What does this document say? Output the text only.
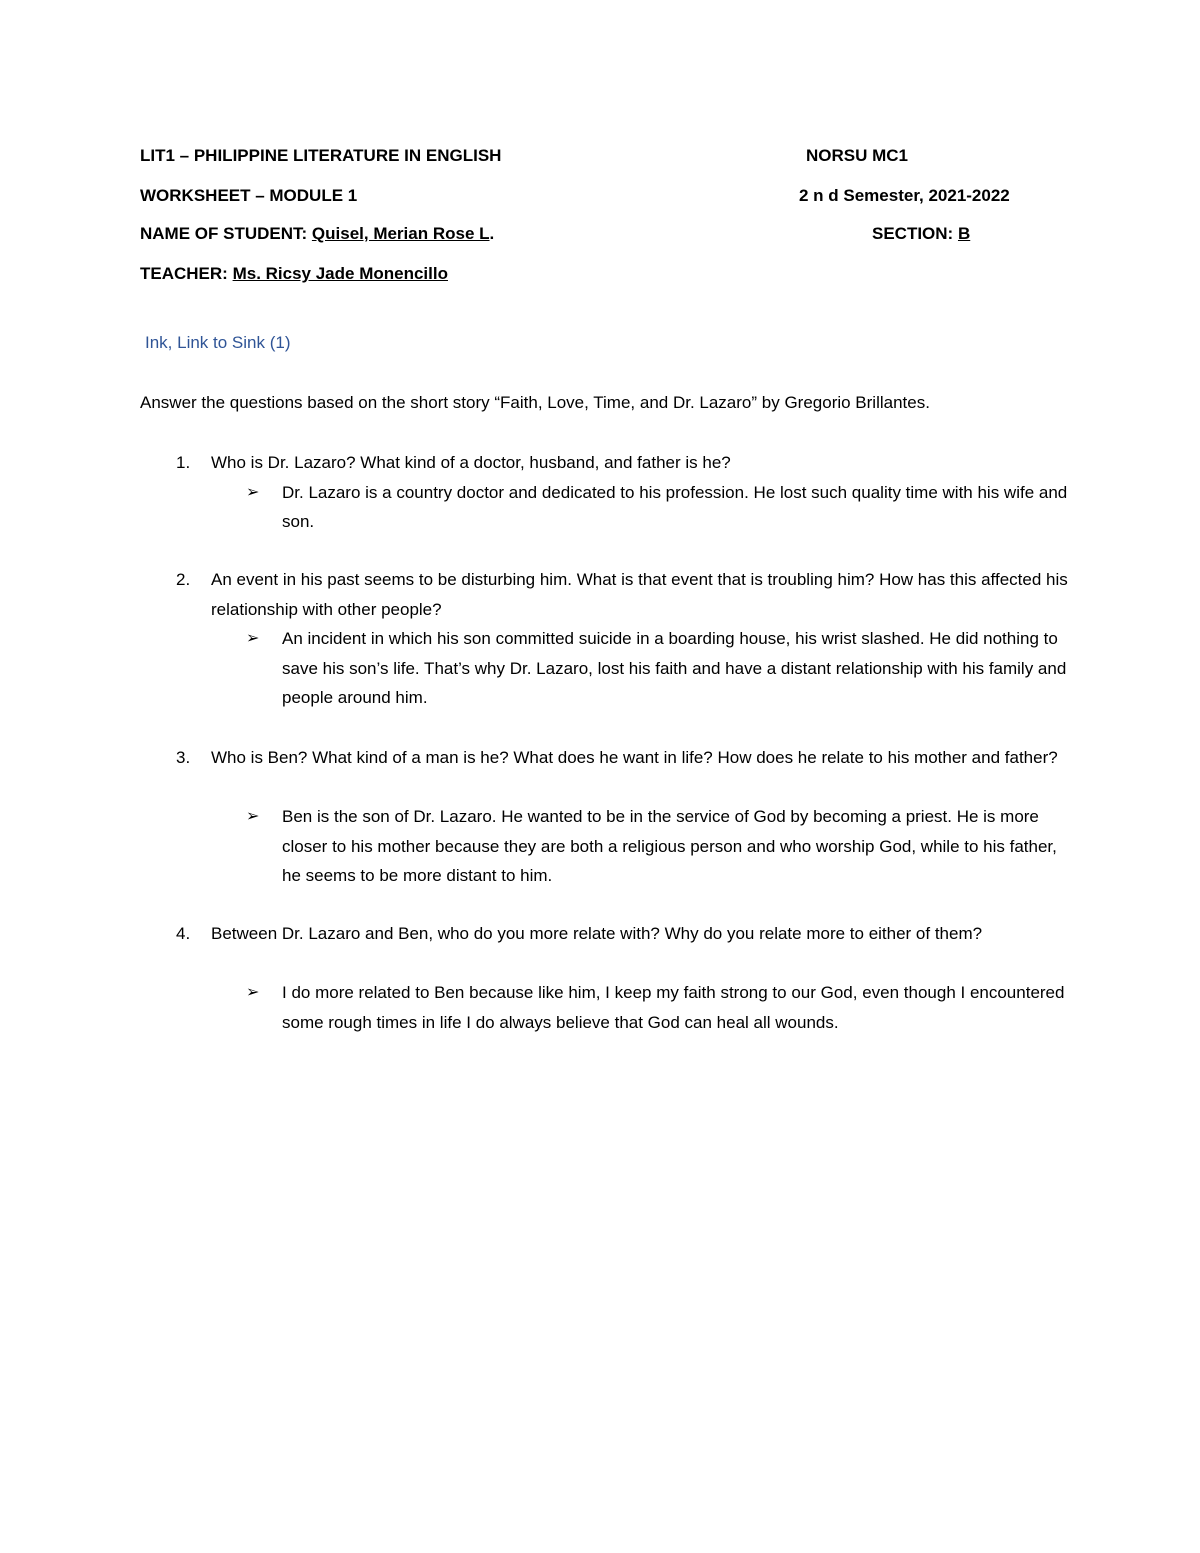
LIT1 – PHILIPPINE LITERATURE IN ENGLISH	NORSU MC1
WORKSHEET – MODULE 1	2 n d Semester, 2021-2022
NAME OF STUDENT: Quisel, Merian Rose L.	SECTION: B
TEACHER: Ms. Ricsy Jade Monencillo
Ink, Link to Sink (1)
Answer the questions based on the short story “Faith, Love, Time, and Dr. Lazaro” by Gregorio Brillantes.
1. Who is Dr. Lazaro? What kind of a doctor, husband, and father is he?
➢ Dr. Lazaro is a country doctor and dedicated to his profession. He lost such quality time with his wife and son.
2. An event in his past seems to be disturbing him. What is that event that is troubling him? How has this affected his relationship with other people?
➢ An incident in which his son committed suicide in a boarding house, his wrist slashed. He did nothing to save his son’s life. That’s why Dr. Lazaro, lost his faith and have a distant relationship with his family and people around him.
3. Who is Ben? What kind of a man is he? What does he want in life? How does he relate to his mother and father?
➢ Ben is the son of Dr. Lazaro. He wanted to be in the service of God by becoming a priest. He is more closer to his mother because they are both a religious person and who worship God, while to his father, he seems to be more distant to him.
4. Between Dr. Lazaro and Ben, who do you more relate with? Why do you relate more to either of them?
➢ I do more related to Ben because like him, I keep my faith strong to our God, even though I encountered some rough times in life I do always believe that God can heal all wounds.
